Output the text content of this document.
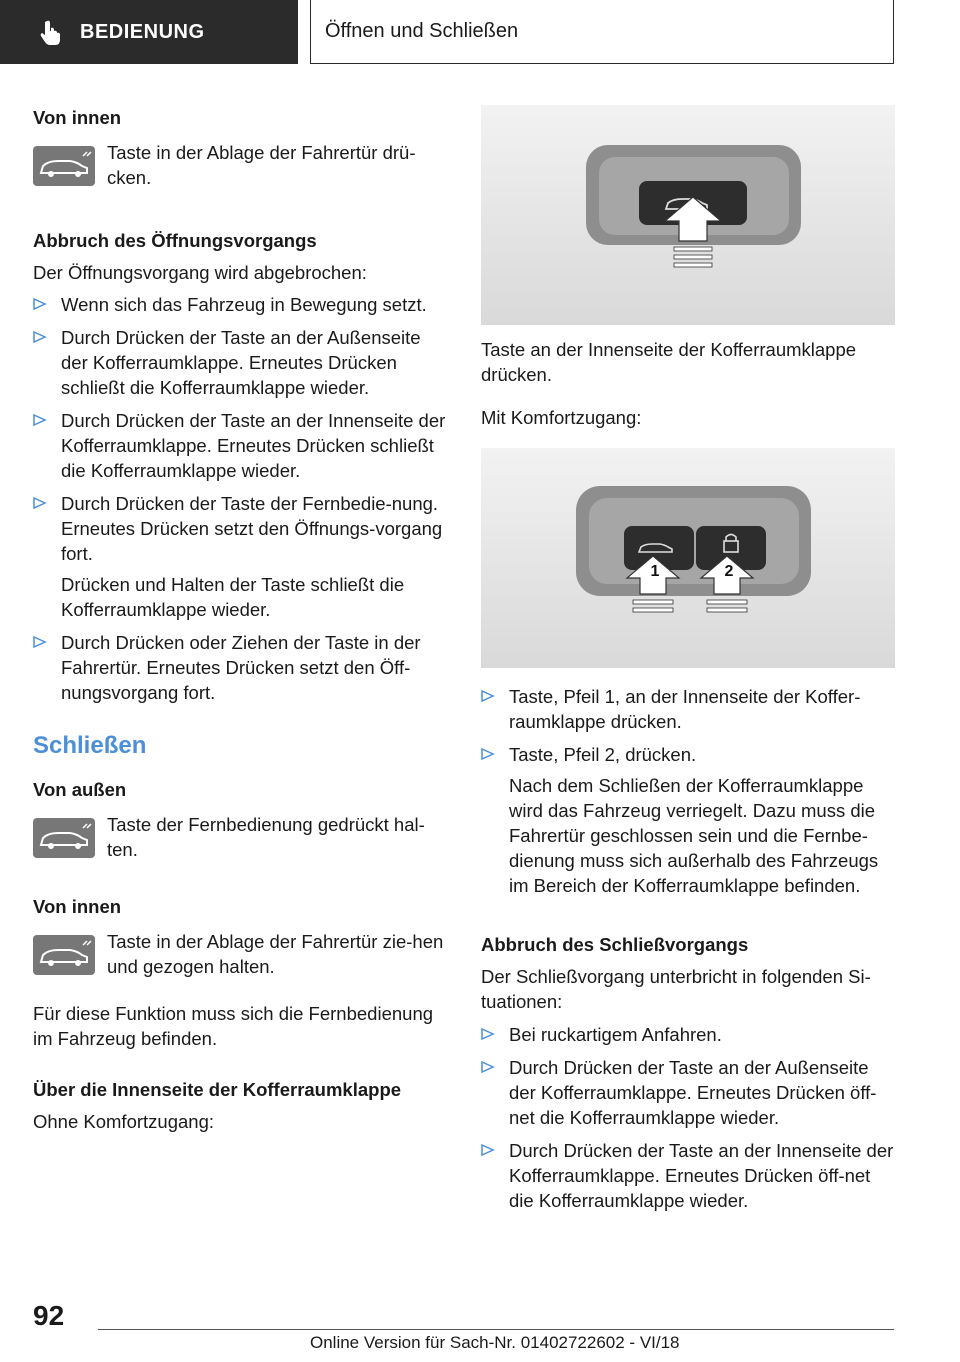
BEDIENUNG	Öffnen und Schließen
Von innen

Taste in der Ablage der Fahrertür drü-cken.

Abbruch des Öffnungsvorgangs

Der Öffnungsvorgang wird abgebrochen:

Wenn sich das Fahrzeug in Bewegung setzt.
Durch Drücken der Taste an der Außenseite der Kofferraumklappe. Erneutes Drücken schließt die Kofferraumklappe wieder.
Durch Drücken der Taste an der Innenseite der Kofferraumklappe. Erneutes Drücken schließt die Kofferraumklappe wieder.
Durch Drücken der Taste der Fernbedie-nung. Erneutes Drücken setzt den Öffnungs-vorgang fort.
Drücken und Halten der Taste schließt die Kofferraumklappe wieder.
Durch Drücken oder Ziehen der Taste in der Fahrertür. Erneutes Drücken setzt den Öff-nungsvorgang fort.
Schließen
Von außen

Taste der Fernbedienung gedrückt hal-ten.

Von innen

Taste in der Ablage der Fahrertür zie-hen und gezogen halten.

Für diese Funktion muss sich die Fernbedienung im Fahrzeug befinden.

Über die Innenseite der Kofferraumklappe

Ohne Komfortzugang:

Taste an der Innenseite der Kofferraumklappe drücken.

Mit Komfortzugang:

1	2
Taste, Pfeil 1, an der Innenseite der Koffer-raumklappe drücken.
Taste, Pfeil 2, drücken.
Nach dem Schließen der Kofferraumklappe wird das Fahrzeug verriegelt. Dazu muss die Fahrertür geschlossen sein und die Fernbe-dienung muss sich außerhalb des Fahrzeugs im Bereich der Kofferraumklappe befinden.
Abbruch des Schließvorgangs

Der Schließvorgang unterbricht in folgenden Si-tuationen:

Bei ruckartigem Anfahren.
Durch Drücken der Taste an der Außenseite der Kofferraumklappe. Erneutes Drücken öff-net die Kofferraumklappe wieder.
Durch Drücken der Taste an der Innenseite der Kofferraumklappe. Erneutes Drücken öff-net die Kofferraumklappe wieder.
92
Online Version für Sach-Nr. 01402722602 - VI/18
